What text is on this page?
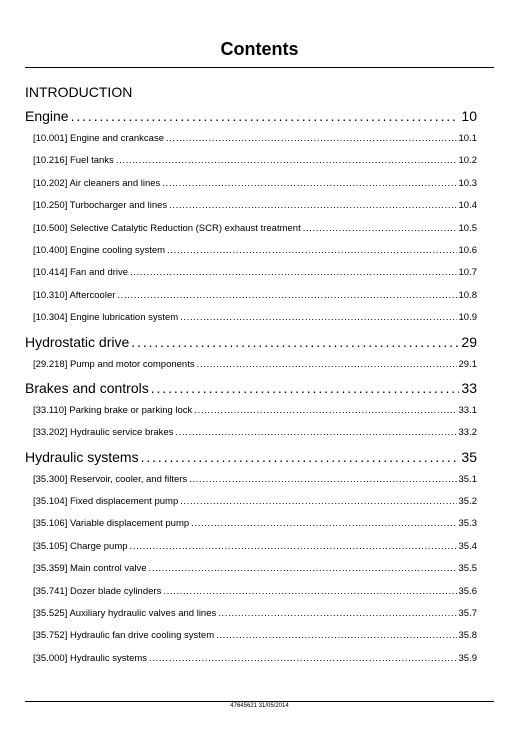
Contents
INTRODUCTION
Engine . . .	10
[10.001] Engine and crankcase . . .	10.1
[10.216] Fuel tanks . . .	10.2
[10.202] Air cleaners and lines . . .	10.3
[10.250] Turbocharger and lines . . .	10.4
[10.500] Selective Catalytic Reduction (SCR) exhaust treatment . . .	10.5
[10.400] Engine cooling system . . .	10.6
[10.414] Fan and drive . . .	10.7
[10.310] Aftercooler . . .	10.8
[10.304] Engine lubrication system . . .	10.9
Hydrostatic drive . . .	29
[29.218] Pump and motor components . . .	29.1
Brakes and controls . . .	33
[33.110] Parking brake or parking lock . . .	33.1
[33.202] Hydraulic service brakes . . .	33.2
Hydraulic systems . . .	35
[35.300] Reservoir, cooler, and filters . . .	35.1
[35.104] Fixed displacement pump . . .	35.2
[35.106] Variable displacement pump . . .	35.3
[35.105] Charge pump . . .	35.4
[35.359] Main control valve . . .	35.5
[35.741] Dozer blade cylinders . . .	35.6
[35.525] Auxiliary hydraulic valves and lines . . .	35.7
[35.752] Hydraulic fan drive cooling system . . .	35.8
[35.000] Hydraulic systems . . .	35.9
47645621 31/05/2014
